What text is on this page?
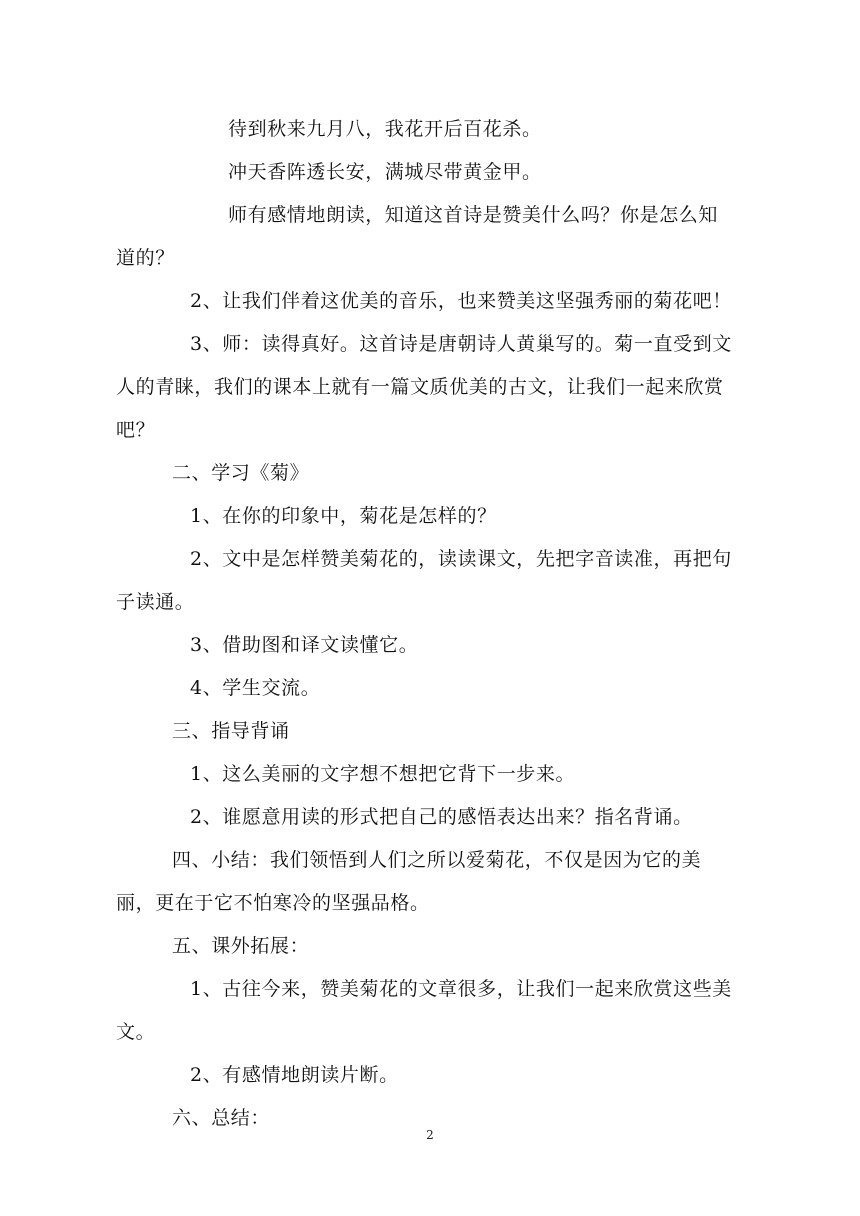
待到秋来九月八，我花开后百花杀。

冲天香阵透长安，满城尽带黄金甲。

师有感情地朗读，知道这首诗是赞美什么吗？你是怎么知道的？

2、让我们伴着这优美的音乐，也来赞美这坚强秀丽的菊花吧！

3、师：读得真好。这首诗是唐朝诗人黄巢写的。菊一直受到文人的青睐，我们的课本上就有一篇文质优美的古文，让我们一起来欣赏吧？

二、学习《菊》

1、在你的印象中，菊花是怎样的？

2、文中是怎样赞美菊花的，读读课文，先把字音读准，再把句子读通。

3、借助图和译文读懂它。

4、学生交流。

三、指导背诵

1、这么美丽的文字想不想把它背下一步来。

2、谁愿意用读的形式把自己的感悟表达出来？指名背诵。

四、小结：我们领悟到人们之所以爱菊花，不仅是因为它的美丽，更在于它不怕寒冷的坚强品格。

五、课外拓展：

1、古往今来，赞美菊花的文章很多，让我们一起来欣赏这些美文。

2、有感情地朗读片断。

六、总结：

2
